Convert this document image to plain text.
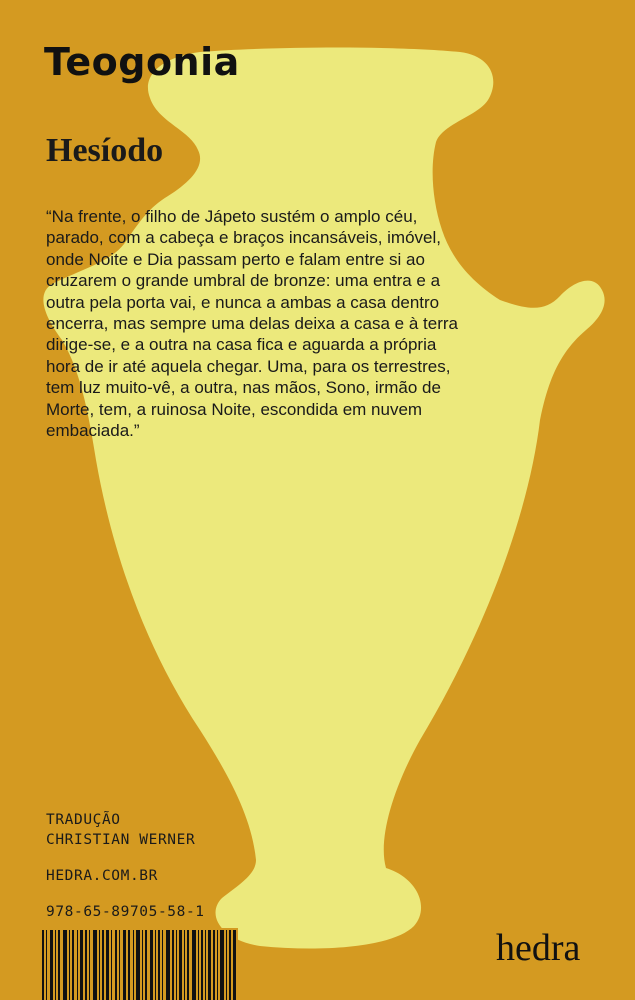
Teogonia
Hesíodo

“Na frente, o filho de Jápeto sustém o amplo céu,
parado, com a cabeça e braços incansáveis, imóvel,
onde Noite e Dia passam perto e falam entre si ao
cruzarem o grande umbral de bronze: uma entra e a
outra pela porta vai, e nunca a ambas a casa dentro
encerra, mas sempre uma delas deixa a casa e à terra
dirige-se, e a outra na casa fica e aguarda a própria
hora de ir até aquela chegar. Uma, para os terrestres,
tem luz muito-vê, a outra, nas mãos, Sono, irmão de
Morte, tem, a ruinosa Noite, escondida em nuvem
embaciada.”

TRADUÇÃO

CHRISTIAN WERNER

HEDRA.COM.BR

978-65-89705-58-1

hedra
